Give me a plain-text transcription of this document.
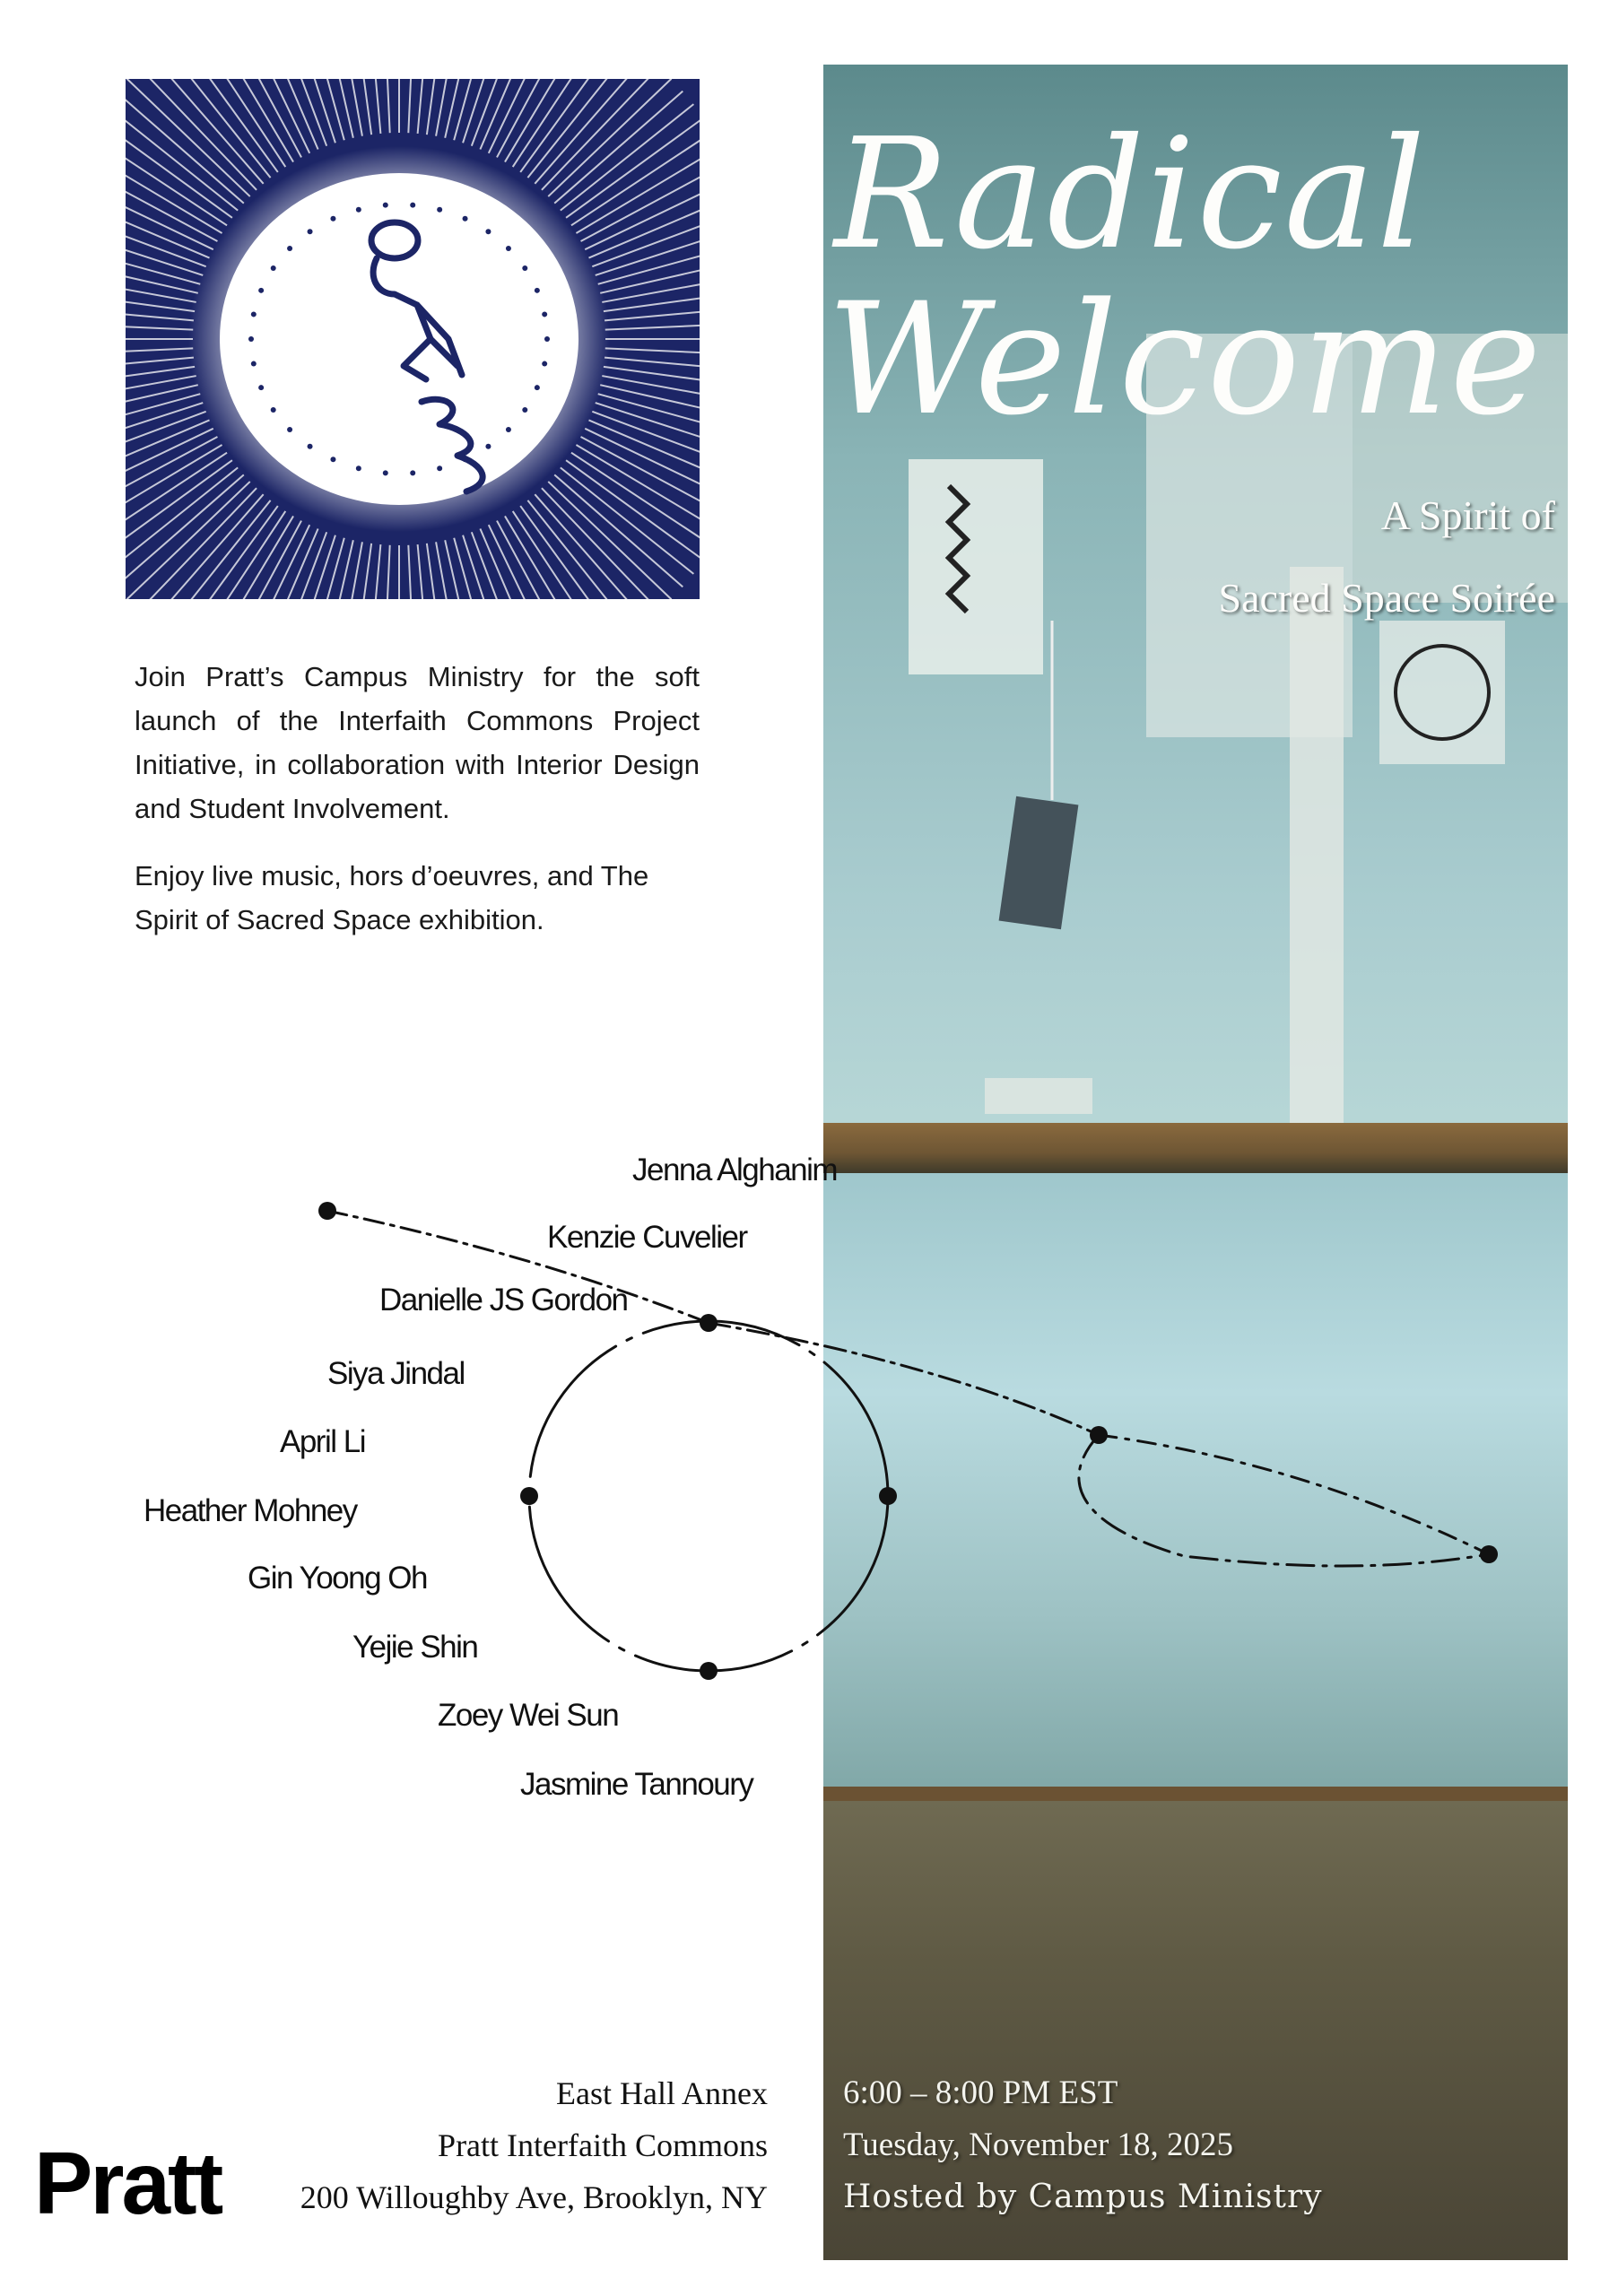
Join Pratt’s Campus Ministry for the soft launch of the Interfaith Commons Project Initiative, in collaboration with Interior Design and Student Involvement.

Enjoy live music, hors d’oeuvres, and The Spirit of Sacred Space exhibition.

Radical
Welcome
A Spirit of
Sacred Space Soirée
Jenna Alghanim
Kenzie Cuvelier
Danielle JS Gordon
Siya Jindal
April Li
Heather Mohney
Gin Yoong Oh
Yejie Shin
Zoey Wei Sun
Jasmine Tannoury
East Hall Annex
Pratt Interfaith Commons
200 Willoughby Ave, Brooklyn, NY
Pratt
6:00 – 8:00 PM EST
Tuesday, November 18, 2025
Hosted by Campus Ministry
